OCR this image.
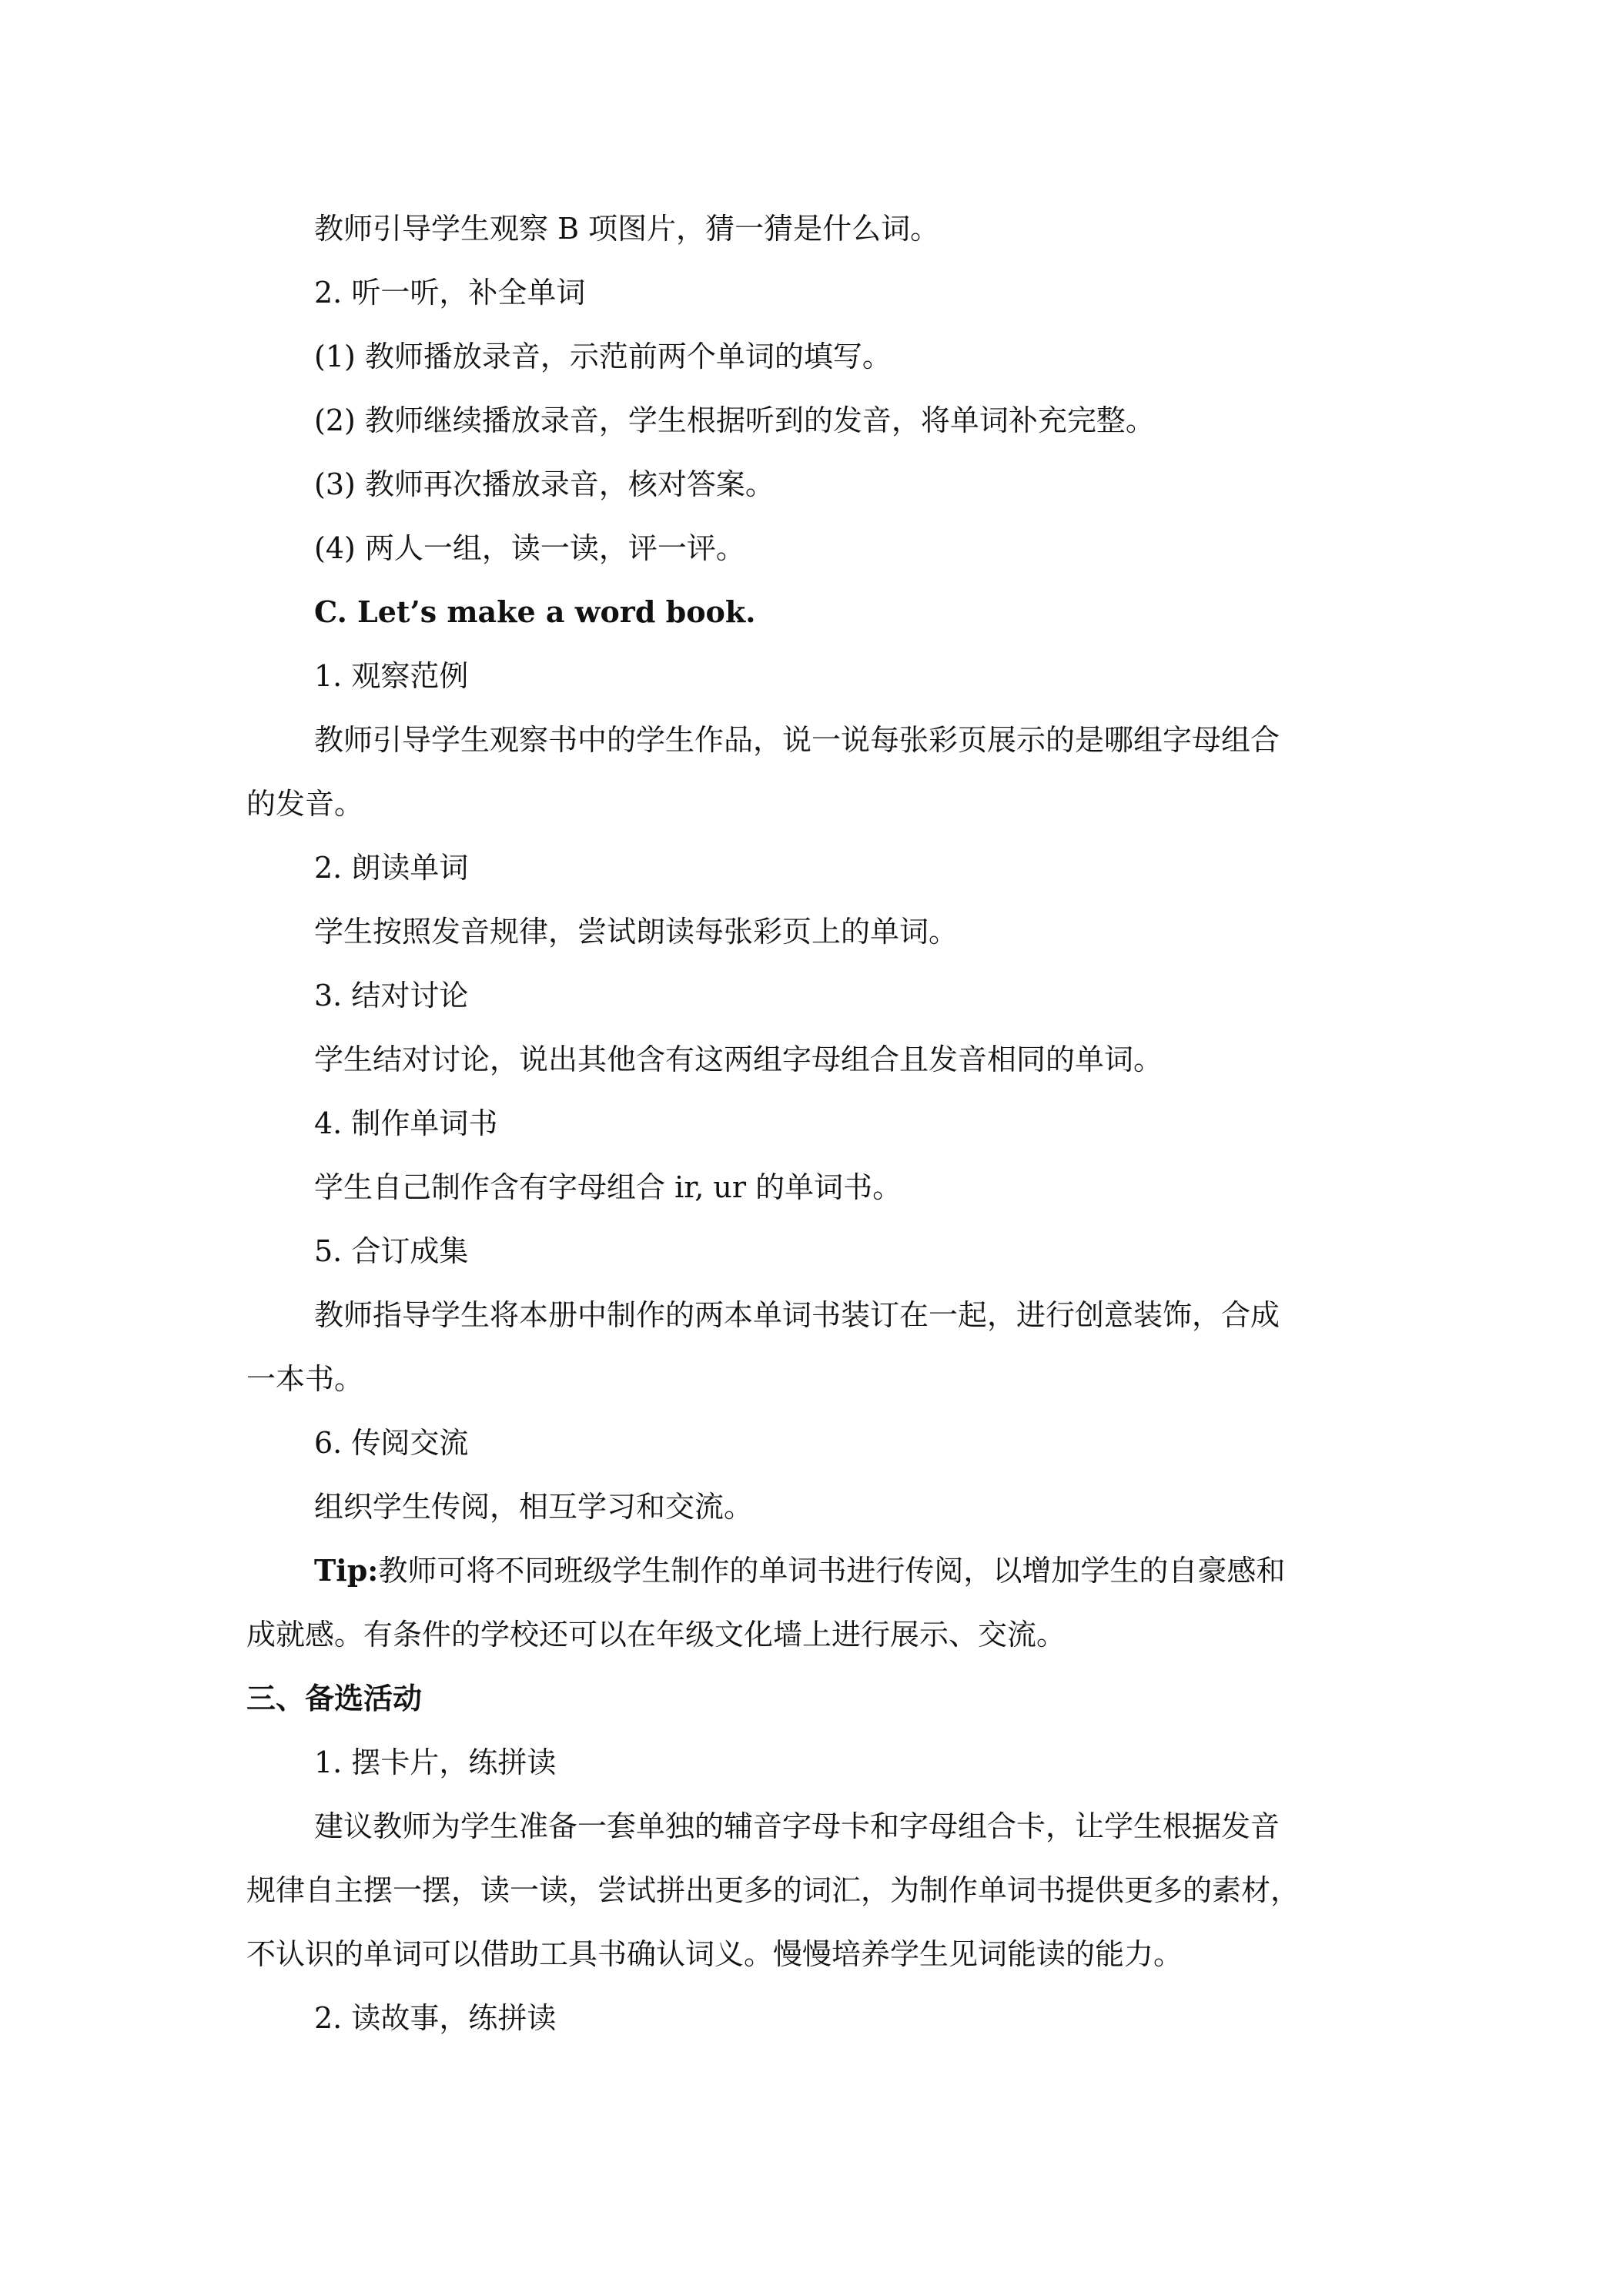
教师引导学生观察 B 项图片，猜一猜是什么词。
2. 听一听，补全单词
(1) 教师播放录音，示范前两个单词的填写。
(2) 教师继续播放录音，学生根据听到的发音，将单词补充完整。
(3) 教师再次播放录音，核对答案。
(4) 两人一组，读一读，评一评。
C. Let’s make a word book.
1. 观察范例
教师引导学生观察书中的学生作品，说一说每张彩页展示的是哪组字母组合
的发音。
2. 朗读单词
学生按照发音规律，尝试朗读每张彩页上的单词。
3. 结对讨论
学生结对讨论，说出其他含有这两组字母组合且发音相同的单词。
4. 制作单词书
学生自己制作含有字母组合 ir, ur 的单词书。
5. 合订成集
教师指导学生将本册中制作的两本单词书装订在一起，进行创意装饰，合成
一本书。
6. 传阅交流
组织学生传阅，相互学习和交流。
Tip:教师可将不同班级学生制作的单词书进行传阅，以增加学生的自豪感和
成就感。有条件的学校还可以在年级文化墙上进行展示、交流。
三、备选活动
1. 摆卡片，练拼读
建议教师为学生准备一套单独的辅音字母卡和字母组合卡，让学生根据发音
规律自主摆一摆，读一读，尝试拼出更多的词汇，为制作单词书提供更多的素材，
不认识的单词可以借助工具书确认词义。慢慢培养学生见词能读的能力。
2. 读故事，练拼读
